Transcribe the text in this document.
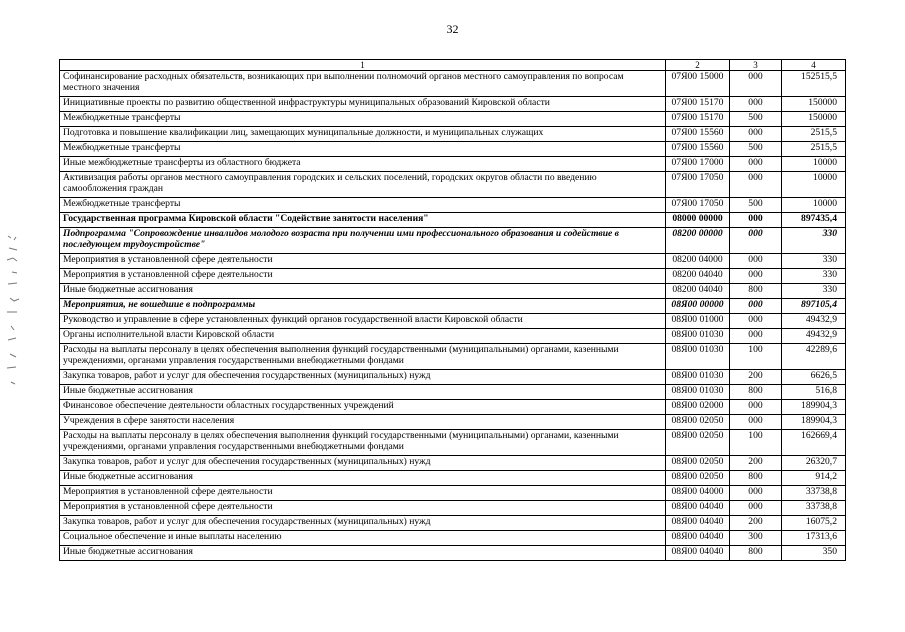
32
1	2	3	4
Софинансирование расходных обязательств, возникающих при выполнении полномочий органов местного самоуправления по вопросам местного значения	07Я00 15000	000	152515,5
Инициативные проекты по развитию общественной инфраструктуры муниципальных образований Кировской области	07Я00 15170	000	150000
Межбюджетные трансферты	07Я00 15170	500	150000
Подготовка и повышение квалификации лиц, замещающих муниципальные должности, и муниципальных служащих	07Я00 15560	000	2515,5
Межбюджетные трансферты	07Я00 15560	500	2515,5
Иные межбюджетные трансферты из областного бюджета	07Я00 17000	000	10000
Активизация работы органов местного самоуправления городских и сельских поселений, городских округов области по введению самообложения граждан	07Я00 17050	000	10000
Межбюджетные трансферты	07Я00 17050	500	10000
Государственная программа Кировской области "Содействие занятости населения"	08000 00000	000	897435,4
Подпрограмма "Сопровождение инвалидов молодого возраста при получении ими профессионального образования и содействие в последующем трудоустройстве"	08200 00000	000	330
Мероприятия в установленной сфере деятельности	08200 04000	000	330
Мероприятия в установленной сфере деятельности	08200 04040	000	330
Иные бюджетные ассигнования	08200 04040	800	330
Мероприятия, не вошедшие в подпрограммы	08Я00 00000	000	897105,4
Руководство и управление в сфере установленных функций органов государственной власти Кировской области	08Я00 01000	000	49432,9
Органы исполнительной власти Кировской области	08Я00 01030	000	49432,9
Расходы на выплаты персоналу в целях обеспечения выполнения функций государственными (муниципальными) органами, казенными учреждениями, органами управления государственными внебюджетными фондами	08Я00 01030	100	42289,6
Закупка товаров, работ и услуг для обеспечения государственных (муниципальных) нужд	08Я00 01030	200	6626,5
Иные бюджетные ассигнования	08Я00 01030	800	516,8
Финансовое обеспечение деятельности областных государственных учреждений	08Я00 02000	000	189904,3
Учреждения в сфере занятости населения	08Я00 02050	000	189904,3
Расходы на выплаты персоналу в целях обеспечения выполнения функций государственными (муниципальными) органами, казенными учреждениями, органами управления государственными внебюджетными фондами	08Я00 02050	100	162669,4
Закупка товаров, работ и услуг для обеспечения государственных (муниципальных) нужд	08Я00 02050	200	26320,7
Иные бюджетные ассигнования	08Я00 02050	800	914,2
Мероприятия в установленной сфере деятельности	08Я00 04000	000	33738,8
Мероприятия в установленной сфере деятельности	08Я00 04040	000	33738,8
Закупка товаров, работ и услуг для обеспечения государственных (муниципальных) нужд	08Я00 04040	200	16075,2
Социальное обеспечение и иные выплаты населению	08Я00 04040	300	17313,6
Иные бюджетные ассигнования	08Я00 04040	800	350
